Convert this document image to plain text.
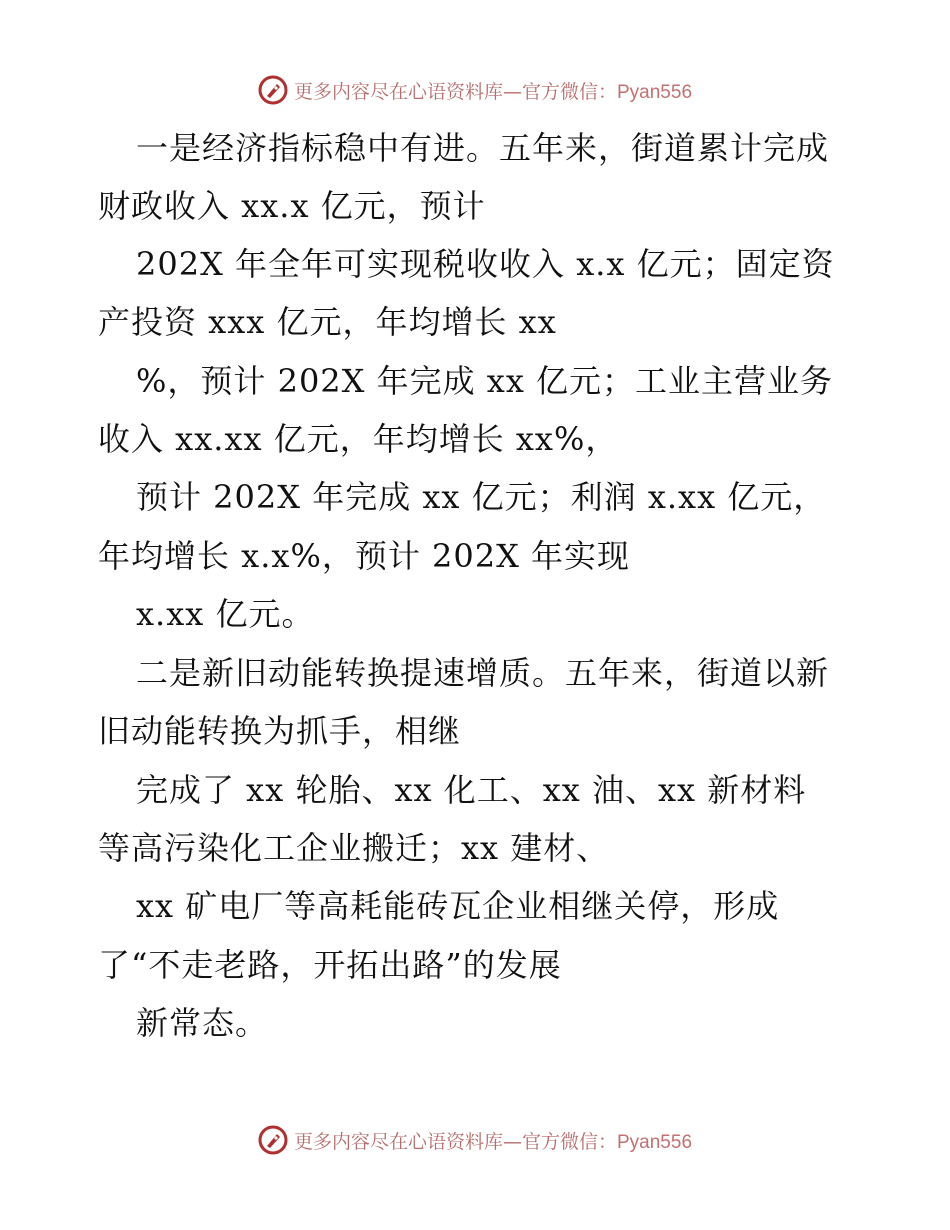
更多内容尽在心语资料库—官方微信：Pyan556
一是经济指标稳中有进。五年来，街道累计完成
财政收入 xx.x 亿元，预计
202X 年全年可实现税收收入 x.x 亿元；固定资
产投资 xxx 亿元，年均增长 xx
%，预计 202X 年完成 xx 亿元；工业主营业务
收入 xx.xx 亿元，年均增长 xx%，
预计 202X 年完成 xx 亿元；利润 x.xx 亿元，
年均增长 x.x%，预计 202X 年实现
x.xx 亿元。
二是新旧动能转换提速增质。五年来，街道以新
旧动能转换为抓手，相继
完成了 xx 轮胎、xx 化工、xx 油、xx 新材料
等高污染化工企业搬迁；xx 建材、
xx 矿电厂等高耗能砖瓦企业相继关停，形成
了“不走老路，开拓出路”的发展
新常态。
更多内容尽在心语资料库—官方微信：Pyan556
